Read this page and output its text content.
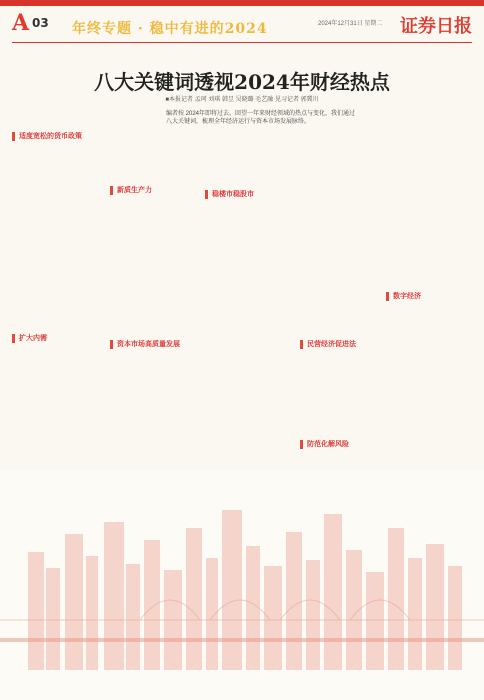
A 03 年终专题 · 稳中有进的2024	2024年12月31日 星期二 证券日报
八大关键词透视2024年财经热点
■本报记者 孟珂 刘琪 韩昱 吴晓璐 毛艺融 见习记者 郭冀川
编者按 2024年即将过去。回望一年来财经领域的热点与变化，我们通过八大关键词，梳理全年经济运行与资本市场发展脉络。
适度宽松的货币政策
扩大内需
新质生产力
资本市场高质量发展
稳楼市稳股市
民营经济促进法
防范化解风险
数字经济
